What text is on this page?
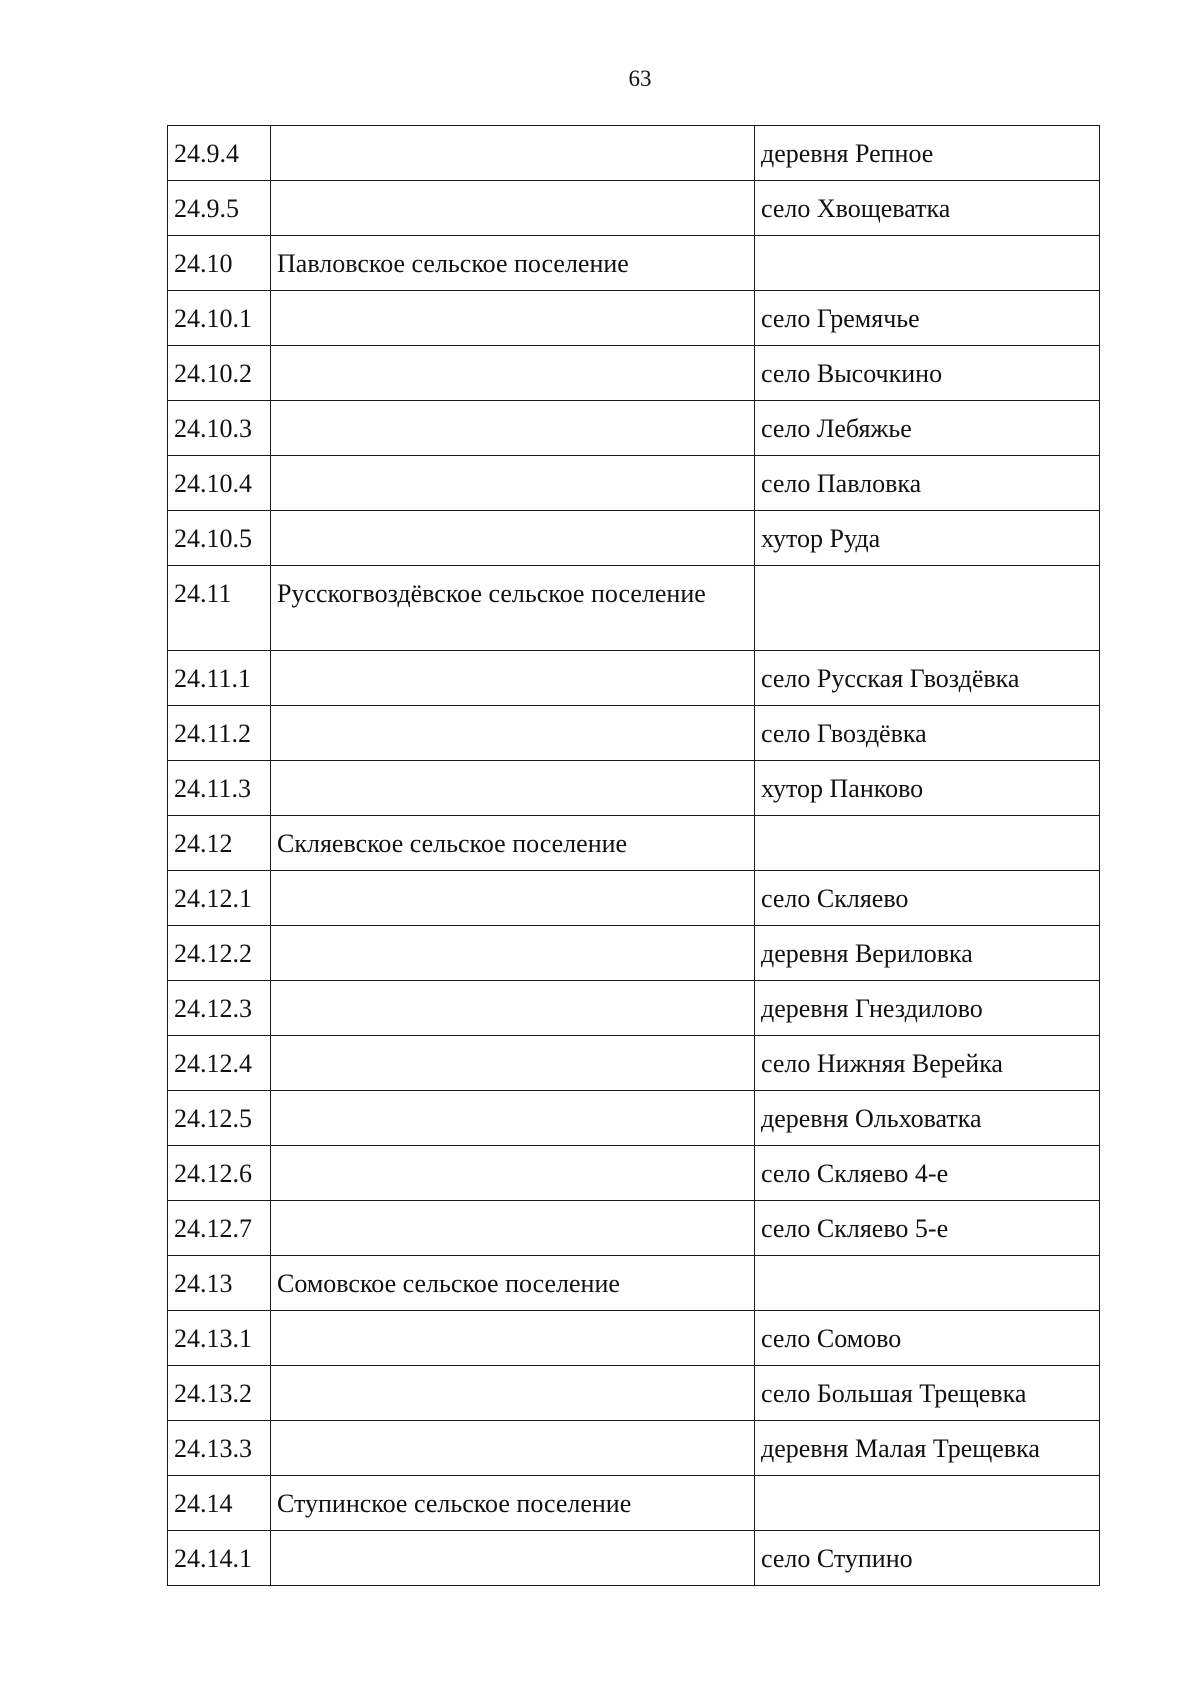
63
24.9.4		деревня Репное
24.9.5		село Хвощеватка
24.10	Павловское сельское поселение	
24.10.1		село Гремячье
24.10.2		село Высочкино
24.10.3		село Лебяжье
24.10.4		село Павловка
24.10.5		хутор Руда
24.11	Русскогвоздёвское сельское поселение	
24.11.1		село Русская Гвоздёвка
24.11.2		село Гвоздёвка
24.11.3		хутор Панково
24.12	Скляевское сельское поселение	
24.12.1		село Скляево
24.12.2		деревня Вериловка
24.12.3		деревня Гнездилово
24.12.4		село Нижняя Верейка
24.12.5		деревня Ольховатка
24.12.6		село Скляево 4-е
24.12.7		село Скляево 5-е
24.13	Сомовское сельское поселение	
24.13.1		село Сомово
24.13.2		село Большая Трещевка
24.13.3		деревня Малая Трещевка
24.14	Ступинское сельское поселение	
24.14.1		село Ступино
